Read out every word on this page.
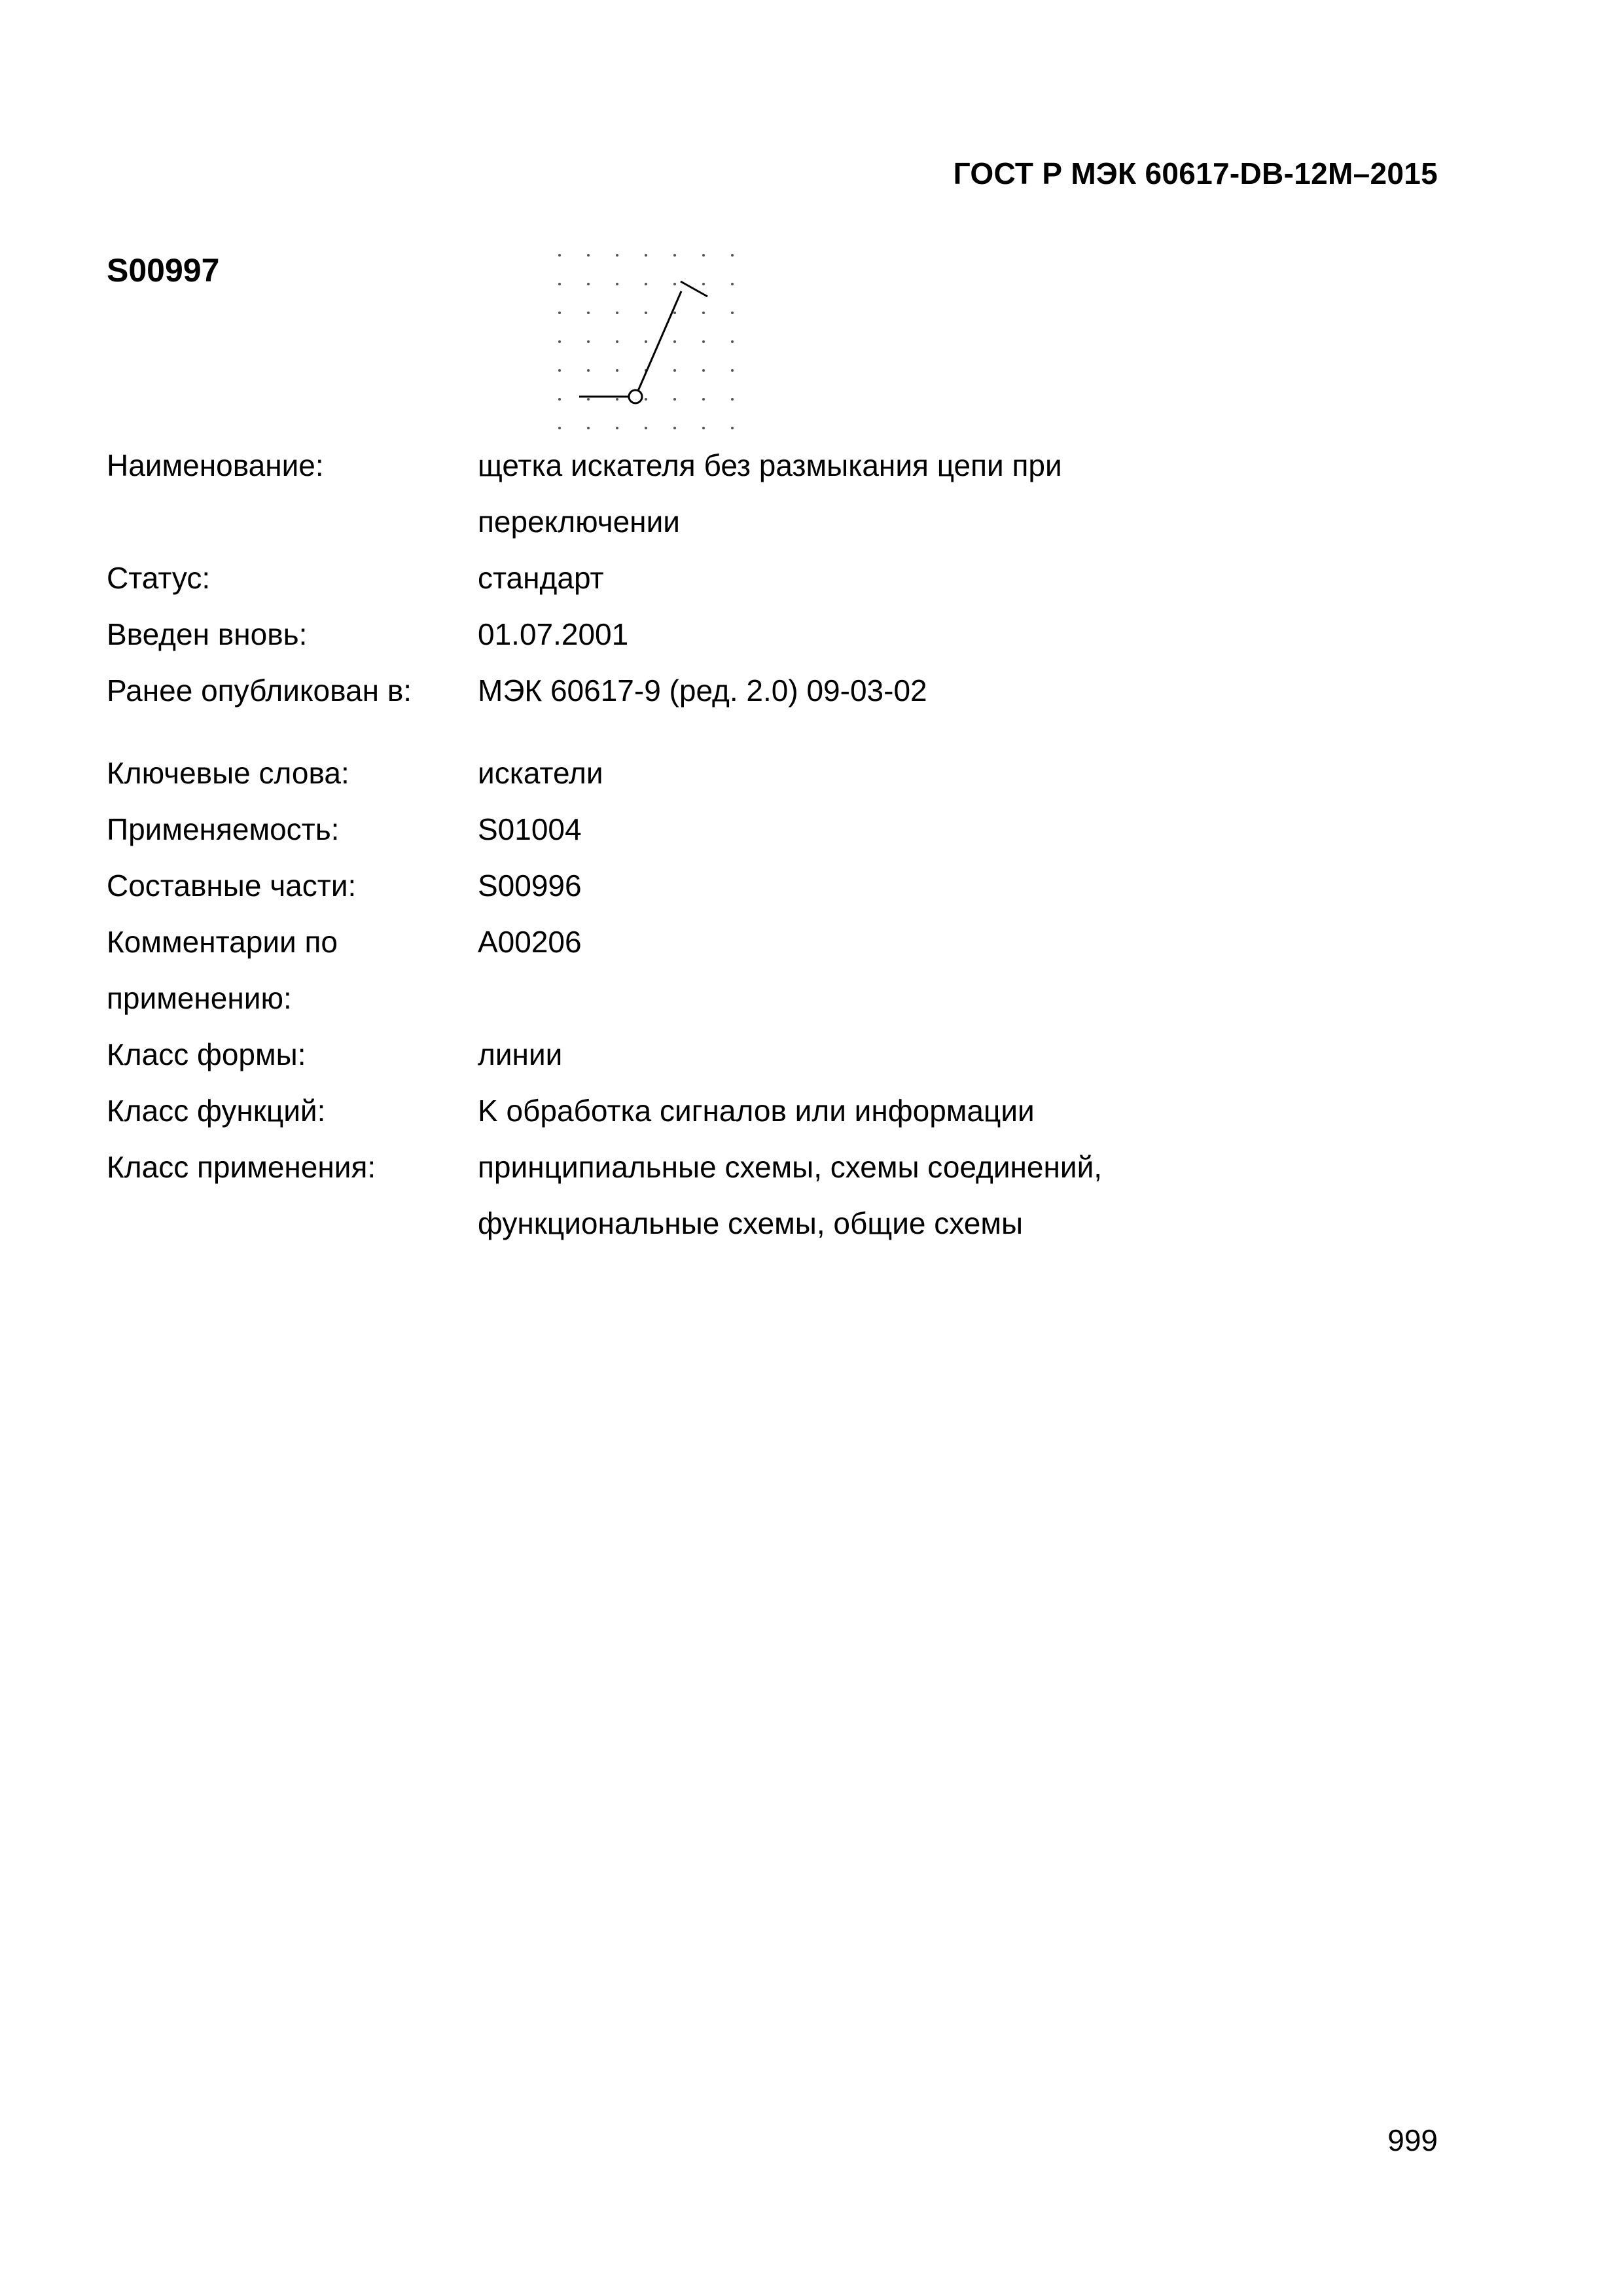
ГОСТ Р МЭК 60617-DB-12М–2015
S00997
Наименование:	щетка искателя без размыкания цепи при
переключении

Статус:	стандарт
Введен вновь:	01.07.2001
Ранее опубликован в:	МЭК 60617-9 (ред. 2.0) 09-03-02

Ключевые слова:	искатели
Применяемость:	S01004
Составные части:	S00996

Комментарии по
применению:	A00206
Класс формы:	линии
Класс функций:	K обработка сигналов или информации
Класс применения:	принципиальные схемы, схемы соединений,
функциональные схемы, общие схемы
999
